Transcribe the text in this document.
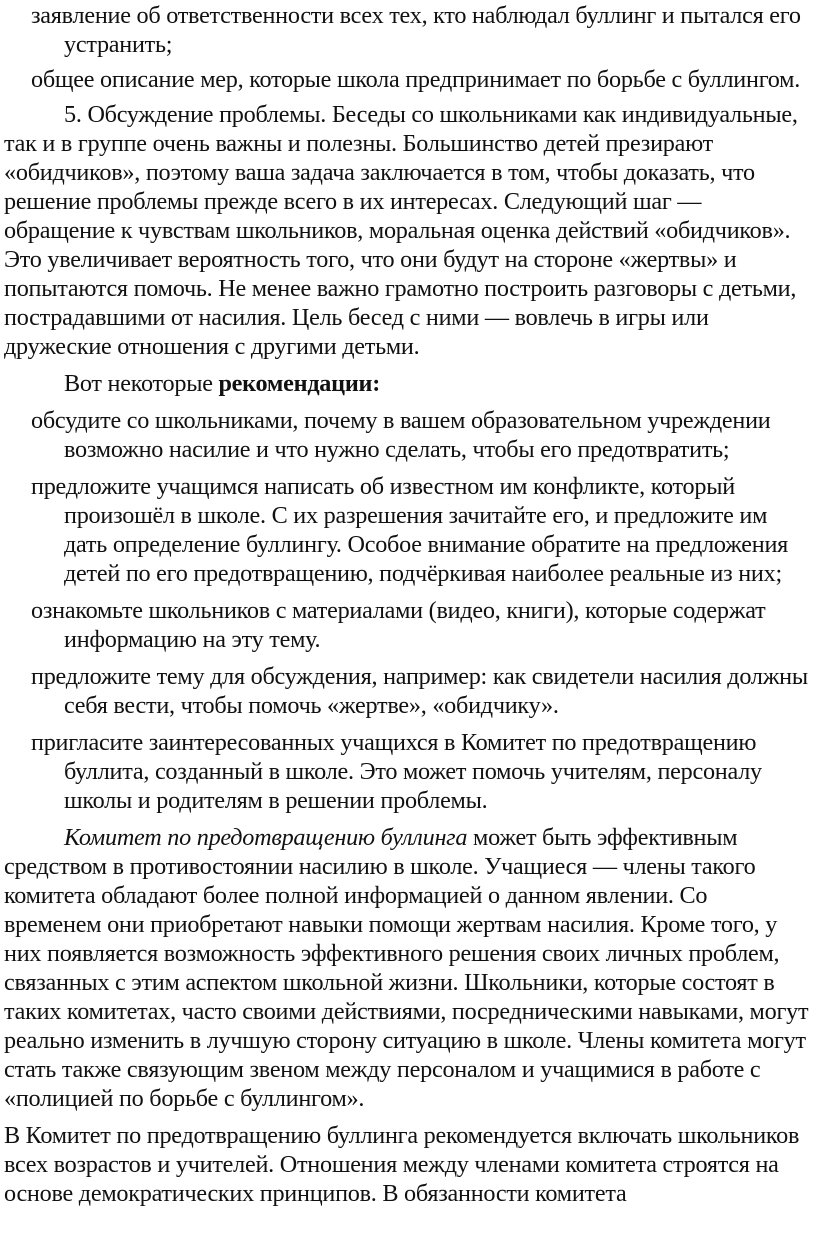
заявление об ответственности всех тех, кто наблюдал буллинг и пытался его устранить;

общее описание мер, которые школа предпринимает по борьбе с буллингом.

5. Обсуждение проблемы. Беседы со школьниками как индивидуальные, так и в группе очень важны и полезны. Большинство детей презирают «обидчиков», поэтому ваша задача заключается в том, чтобы доказать, что решение проблемы прежде всего в их интересах. Следующий шаг — обращение к чувствам школьников, моральная оценка действий «обидчиков». Это увеличивает вероятность того, что они будут на стороне «жертвы» и попытаются помочь. Не менее важно грамотно построить разговоры с детьми, пострадавшими от насилия. Цель бесед с ними — вовлечь в игры или дружеские отношения с другими детьми.

Вот некоторые рекомендации:

обсудите со школьниками, почему в вашем образовательном учреждении возможно насилие и что нужно сделать, чтобы его предотвратить;

предложите учащимся написать об известном им конфликте, который произошёл в школе. С их разрешения зачитайте его, и предложите им дать определение буллингу. Особое внимание обратите на предложения детей по его предотвращению, подчёркивая наиболее реальные из них;

ознакомьте школьников с материалами (видео, книги), которые содержат информацию на эту тему.

предложите тему для обсуждения, например: как свидетели насилия должны себя вести, чтобы помочь «жертве», «обидчику».

пригласите заинтересованных учащихся в Комитет по предотвращению буллита, созданный в школе. Это может помочь учителям, персоналу школы и родителям в решении проблемы.

Комитет по предотвращению буллинга может быть эффективным средством в противостоянии насилию в школе. Учащиеся — члены такого комитета обладают более полной информацией о данном явлении. Со временем они приобретают навыки помощи жертвам насилия. Кроме того, у них появляется возможность эффективного решения своих личных проблем, связанных с этим аспектом школьной жизни. Школьники, которые состоят в таких комитетах, часто своими действиями, посредническими навыками, могут реально изменить в лучшую сторону ситуацию в школе. Члены комитета могут стать также связующим звеном между персоналом и учащимися в работе с «полицией по борьбе с буллингом».

В Комитет по предотвращению буллинга рекомендуется включать школьников всех возрастов и учителей. Отношения между членами комитета строятся на основе демократических принципов. В обязанности комитета
